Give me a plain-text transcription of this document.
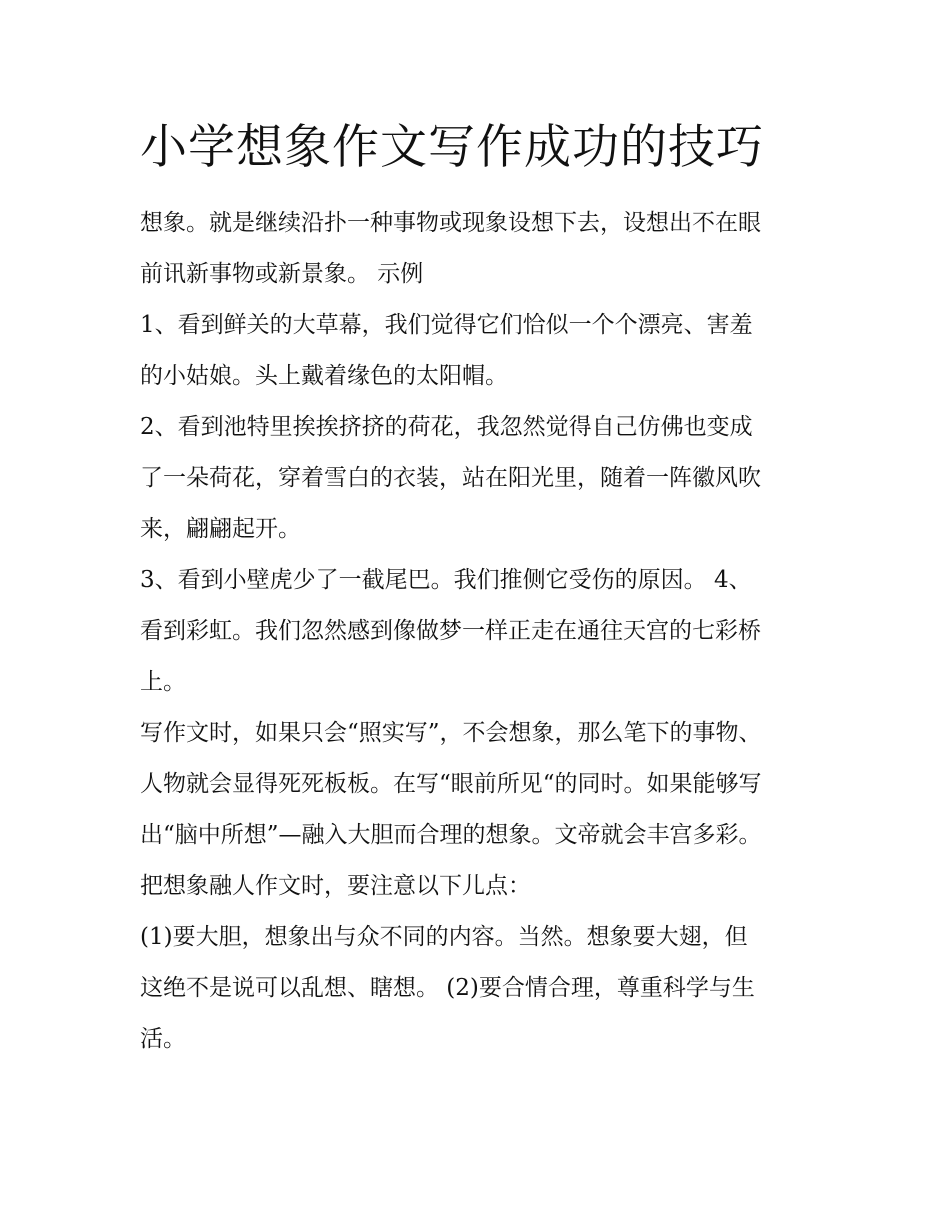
小学想象作文写作成功的技巧

想象。就是继续沿扑一种事物或现象设想下去，设想出不在眼
前讯新事物或新景象。 示例

1、看到鲜关的大草幕，我们觉得它们恰似一个个漂亮、害羞
的小姑娘。头上戴着缘色的太阳帽。

2、看到池特里挨挨挤挤的荷花，我忽然觉得自己仿佛也变成
了一朵荷花，穿着雪白的衣装，站在阳光里，随着一阵徽风吹
来，翩翩起开。

3、看到小壁虎少了一截尾巴。我们推侧它受伤的原因。 4、
看到彩虹。我们忽然感到像做梦一样正走在通往天宫的七彩桥
上。

写作文时，如果只会“照实写”，不会想象，那么笔下的事物、
人物就会显得死死板板。在写“眼前所见“的同时。如果能够写
出“脑中所想”—融入大胆而合理的想象。文帝就会丰宫多彩。

把想象融人作文时，要注意以下儿点：

(1)要大胆，想象出与众不同的内容。当然。想象要大翅，但
这绝不是说可以乱想、瞎想。 (2)要合情合理，尊重科学与生
活。
